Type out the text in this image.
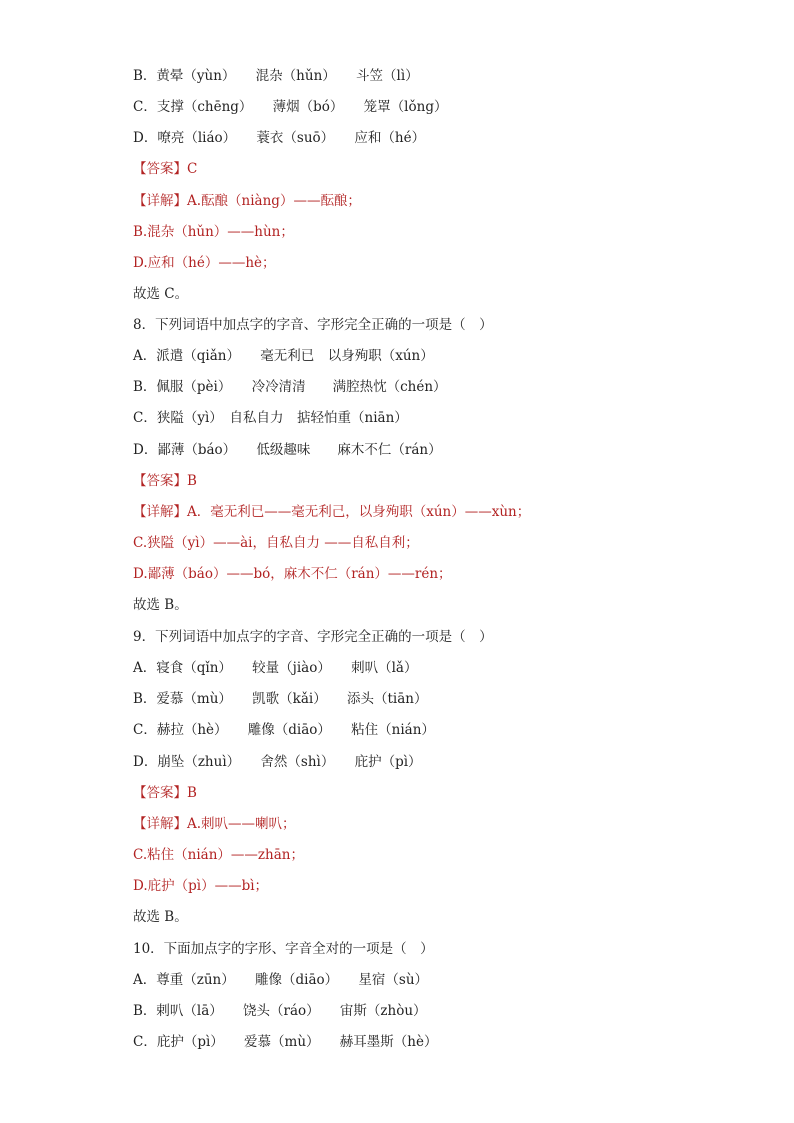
B．黄晕（yùn）　　混杂（hǔn）　　斗笠（lì）
C．支撑（chēng）　　薄烟（bó）　　笼罩（lǒng）
D．嘹亮（liáo）　　蓑衣（suō）　　应和（hé）
【答案】C
【详解】A.酝酿（niàng）——酝酿；
B.混杂（hǔn）——hùn；
D.应和（hé）——hè；
故选 C。
8．下列词语中加点字的字音、字形完全正确的一项是（　）
A．派遣（qiǎn）　　毫无利已　以身殉职（xún）
B．佩服（pèi）　　冷冷清清　　满腔热忱（chén）
C．狭隘（yì）　自私自力　掂轻怕重（niān）
D．鄙薄（báo）　　低级趣味　　麻木不仁（rán）
【答案】B
【详解】A．毫无利已——毫无利己，以身殉职（xún）——xùn；
C.狭隘（yì）——ài，自私自力 ——自私自利；
D.鄙薄（báo）——bó，麻木不仁（rán）——rén；
故选 B。
9．下列词语中加点字的字音、字形完全正确的一项是（　）
A．寝食（qǐn）　　较量（jiào）　　刺叭（lǎ）
B．爱慕（mù）　　凯歌（kǎi）　　添头（tiān）
C．赫拉（hè）　　雕像（diāo）　　粘住（nián）
D．崩坠（zhuì）　　舍然（shì）　　庇护（pì）
【答案】B
【详解】A.刺叭——喇叭；
C.粘住（nián）——zhān；
D.庇护（pì）——bì；
故选 B。
10．下面加点字的字形、字音全对的一项是（　）
A．尊重（zūn）　　雕像（diāo）　　星宿（sù）
B．剌叭（lā）　　饶头（ráo）　　宙斯（zhòu）
C．庇护（pì）　　爱慕（mù）　　赫耳墨斯（hè）
